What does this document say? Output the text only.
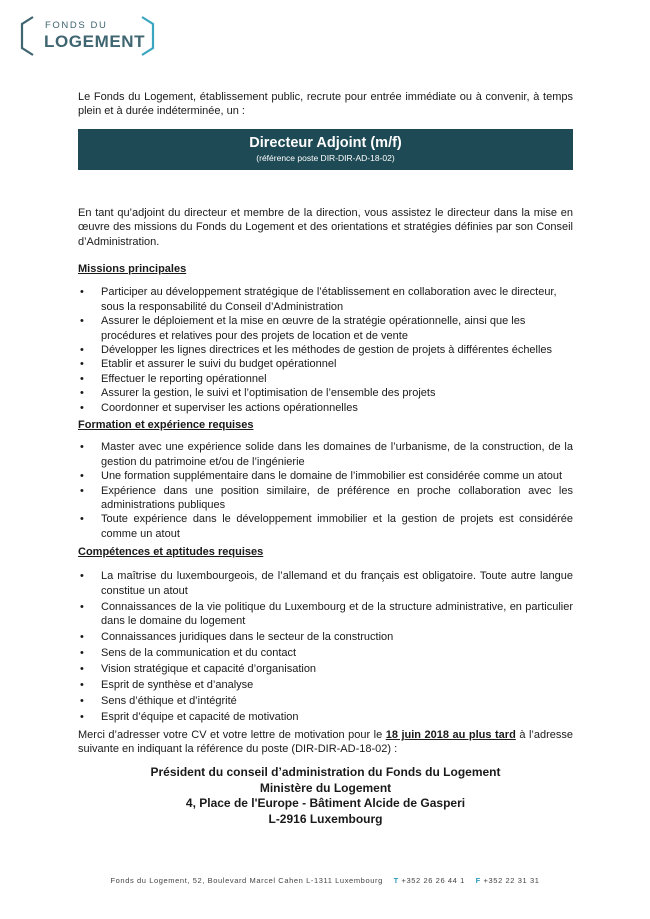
FONDS DU
LOGEMENT
Le Fonds du Logement, établissement public, recrute pour entrée immédiate ou à convenir, à temps plein et à durée indéterminée, un :
Directeur Adjoint (m/f)
(référence poste DIR-DIR-AD-18-02)
En tant qu’adjoint du directeur et membre de la direction, vous assistez le directeur dans la mise en œuvre des missions du Fonds du Logement et des orientations et stratégies définies par son Conseil d’Administration.
Missions principales
• Participer au développement stratégique de l’établissement en collaboration avec le directeur, sous la responsabilité du Conseil d’Administration
• Assurer le déploiement et la mise en œuvre de la stratégie opérationnelle, ainsi que les procédures et relatives pour des projets de location et de vente
• Développer les lignes directrices et les méthodes de gestion de projets à différentes échelles
• Etablir et assurer le suivi du budget opérationnel
• Effectuer le reporting opérationnel
• Assurer la gestion, le suivi et l’optimisation de l’ensemble des projets
• Coordonner et superviser les actions opérationnelles
Formation et expérience requises
• Master avec une expérience solide dans les domaines de l’urbanisme, de la construction, de la gestion du patrimoine et/ou de l’ingénierie
• Une formation supplémentaire dans le domaine de l’immobilier est considérée comme un atout
• Expérience dans une position similaire, de préférence en proche collaboration avec les administrations publiques
• Toute expérience dans le développement immobilier et la gestion de projets est considérée comme un atout
Compétences et aptitudes requises
• La maîtrise du luxembourgeois, de l’allemand et du français est obligatoire. Toute autre langue constitue un atout
• Connaissances de la vie politique du Luxembourg et de la structure administrative, en particulier dans le domaine du logement
• Connaissances juridiques dans le secteur de la construction
• Sens de la communication et du contact
• Vision stratégique et capacité d’organisation
• Esprit de synthèse et d’analyse
• Sens d’éthique et d’intégrité
• Esprit d’équipe et capacité de motivation
Merci d’adresser votre CV et votre lettre de motivation pour le 18 juin 2018 au plus tard à l’adresse suivante en indiquant la référence du poste (DIR-DIR-AD-18-02) :
Président du conseil d’administration du Fonds du Logement
Ministère du Logement
4, Place de l'Europe - Bâtiment Alcide de Gasperi
L-2916 Luxembourg
Fonds du Logement, 52, Boulevard Marcel Cahen L-1311 Luxembourg T +352 26 26 44 1 F +352 22 31 31
